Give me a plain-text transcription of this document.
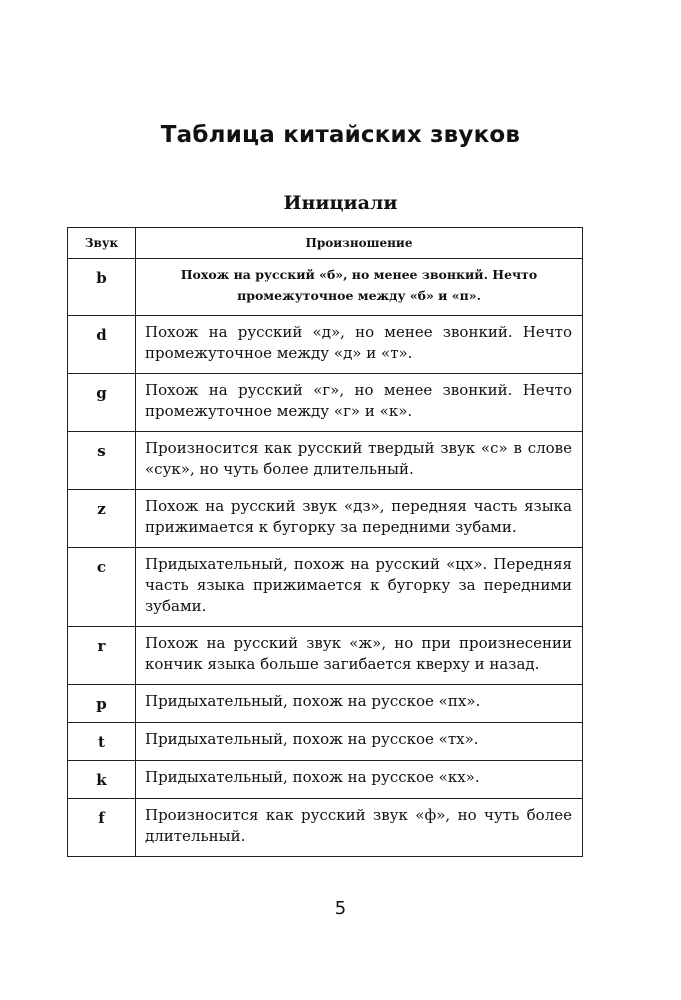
Таблица китайских звуков
Инициали
Звук	Произношение
b	Похож на русский «б», но менее звонкий. Нечто промежуточное между «б» и «п».
d	Похож на русский «д», но менее звонкий. Нечто промежуточное между «д» и «т».
g	Похож на русский «г», но менее звонкий. Нечто промежуточное между «г» и «к».
s	Произносится как русский твердый звук «с» в слове «сук», но чуть более длительный.
z	Похож на русский звук «дз», передняя часть языка прижимается к бугорку за передними зубами.
c	Придыхательный, похож на русский «цх». Передняя часть языка прижимается к бугорку за передними зубами.
r	Похож на русский звук «ж», но при произнесении кончик языка больше загибается кверху и назад.
p	Придыхательный, похож на русское «пх».
t	Придыхательный, похож на русское «тх».
k	Придыхательный, похож на русское «кх».
f	Произносится как русский звук «ф», но чуть более длительный.
5
